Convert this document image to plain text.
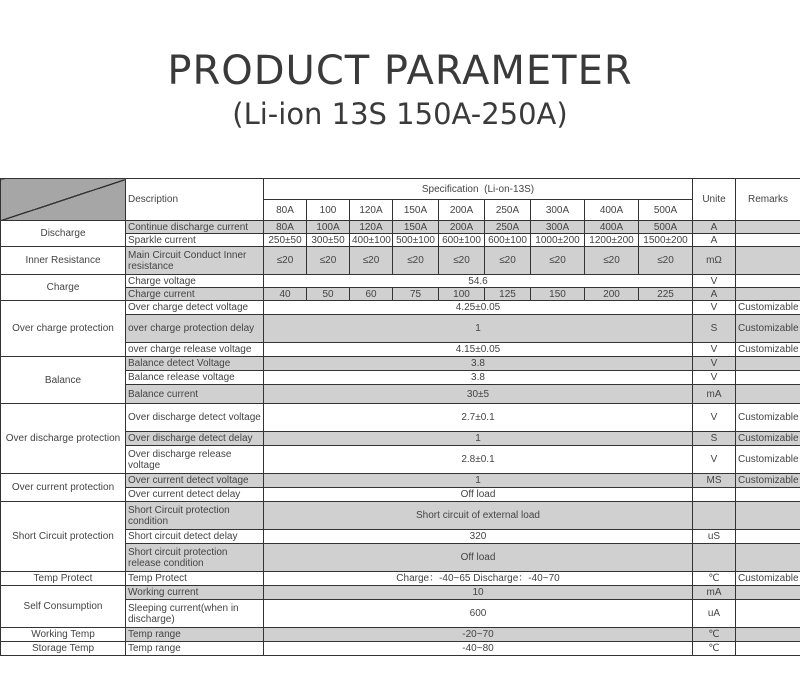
PRODUCT PARAMETER
(Li-ion 13S 150A-250A)
	Description	Specification  (Li-on-13S)									Unite	Remarks
		80A	100	120A	150A	200A	250A	300A	400A	500A		
Discharge	Continue discharge current	80A	100A	120A	150A	200A	250A	300A	400A	500A	A	
	Sparkle current	250±50	300±50	400±100	500±100	600±100	600±100	1000±200	1200±200	1500±200	A	
Inner Resistance	Main Circuit Conduct Inner resistance	≤20	≤20	≤20	≤20	≤20	≤20	≤20	≤20	≤20	mΩ	
Charge	Charge voltage	54.6									V	
	Charge current	40	50	60	75	100	125	150	200	225	A	
Over charge protection	Over charge detect voltage	4.25±0.05									V	Customizable
	over charge protection delay	1									S	Customizable
	over charge release voltage	4.15±0.05									V	Customizable
Balance	Balance detect Voltage	3.8									V	
	Balance release voltage	3.8									V	
	Balance current	30±5									mA	
Over discharge protection	Over discharge detect voltage	2.7±0.1									V	Customizable
	Over discharge detect delay	1									S	Customizable
	Over discharge release voltage	2.8±0.1									V	Customizable
Over current protection	Over current detect voltage	1									MS	Customizable
	Over current detect delay	Off load										
Short Circuit protection	Short Circuit protection condition	Short circuit of external load										
	Short circuit detect delay	320									uS	
	Short circuit protection release condition	Off load										
Temp Protect	Temp Protect	Charge：-40~65 Discharge：-40~70									℃	Customizable
Self Consumption	Working current	10									mA	
	Sleeping current(when in discharge)	600									uA	
Working Temp	Temp range	-20~70									℃	
Storage Temp	Temp range	-40~80									℃	
